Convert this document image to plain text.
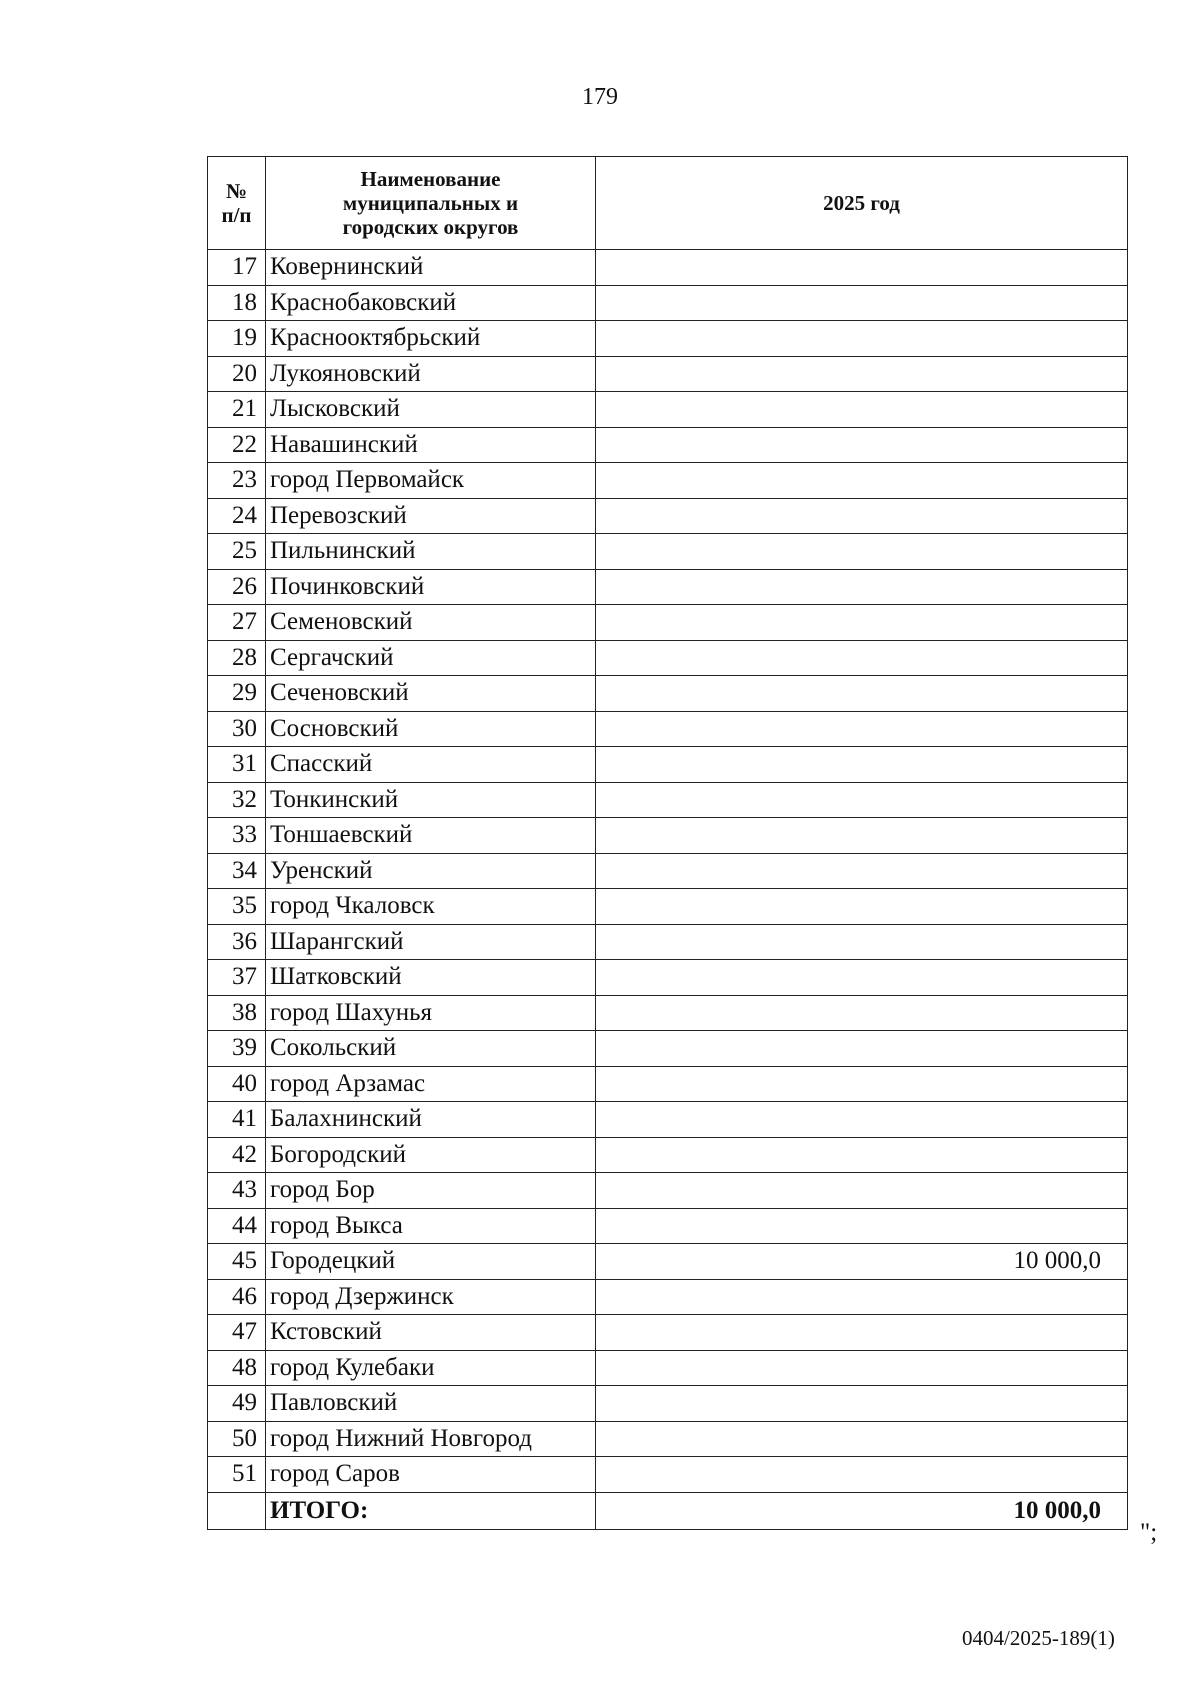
179
№ п/п	Наименование муниципальных и городских округов	2025 год
17	Ковернинский	
18	Краснобаковский	
19	Краснооктябрьский	
20	Лукояновский	
21	Лысковский	
22	Навашинский	
23	город Первомайск	
24	Перевозский	
25	Пильнинский	
26	Починковский	
27	Семеновский	
28	Сергачский	
29	Сеченовский	
30	Сосновский	
31	Спасский	
32	Тонкинский	
33	Тоншаевский	
34	Уренский	
35	город Чкаловск	
36	Шарангский	
37	Шатковский	
38	город Шахунья	
39	Сокольский	
40	город Арзамас	
41	Балахнинский	
42	Богородский	
43	город Бор	
44	город Выкса	
45	Городецкий	10 000,0
46	город Дзержинск	
47	Кстовский	
48	город Кулебаки	
49	Павловский	
50	город Нижний Новгород	
51	город Саров	
	ИТОГО:	10 000,0
";
0404/2025-189(1)
